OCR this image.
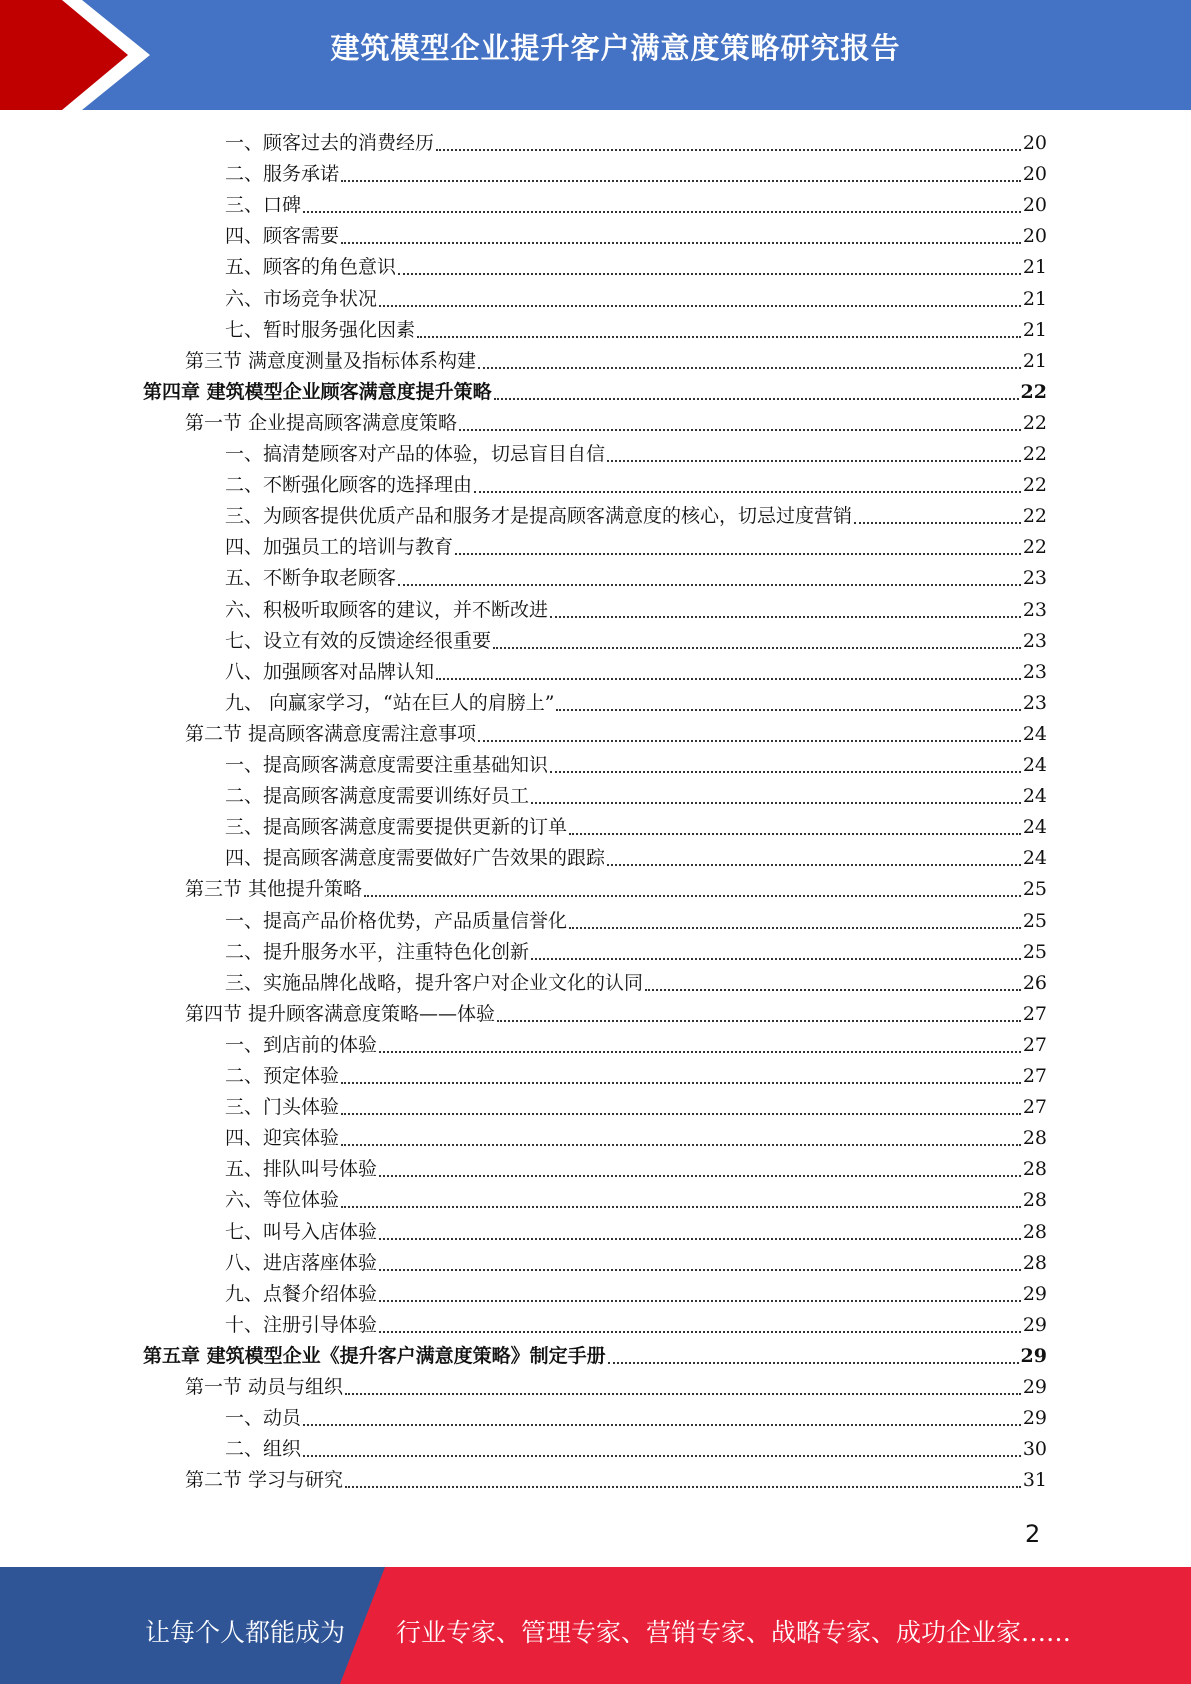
建筑模型企业提升客户满意度策略研究报告
一、顾客过去的消费经历	20
二、服务承诺	20
三、口碑	20
四、顾客需要	20
五、顾客的角色意识	21
六、市场竞争状况	21
七、暂时服务强化因素	21
第三节 满意度测量及指标体系构建	21
第四章 建筑模型企业顾客满意度提升策略	22
第一节 企业提高顾客满意度策略	22
一、搞清楚顾客对产品的体验，切忌盲目自信	22
二、不断强化顾客的选择理由	22
三、为顾客提供优质产品和服务才是提高顾客满意度的核心，切忌过度营销	22
四、加强员工的培训与教育	22
五、不断争取老顾客	23
六、积极听取顾客的建议，并不断改进	23
七、设立有效的反馈途经很重要	23
八、加强顾客对品牌认知	23
九、 向赢家学习，“站在巨人的肩膀上”	23
第二节 提高顾客满意度需注意事项	24
一、提高顾客满意度需要注重基础知识	24
二、提高顾客满意度需要训练好员工	24
三、提高顾客满意度需要提供更新的订单	24
四、提高顾客满意度需要做好广告效果的跟踪	24
第三节 其他提升策略	25
一、提高产品价格优势，产品质量信誉化	25
二、提升服务水平，注重特色化创新	25
三、实施品牌化战略，提升客户对企业文化的认同	26
第四节 提升顾客满意度策略——体验	27
一、到店前的体验	27
二、预定体验	27
三、门头体验	27
四、迎宾体验	28
五、排队叫号体验	28
六、等位体验	28
七、叫号入店体验	28
八、进店落座体验	28
九、点餐介绍体验	29
十、注册引导体验	29
第五章 建筑模型企业《提升客户满意度策略》制定手册	29
第一节 动员与组织	29
一、动员	29
二、组织	30
第二节 学习与研究	31
2
让每个人都能成为 行业专家、管理专家、营销专家、战略专家、成功企业家……
